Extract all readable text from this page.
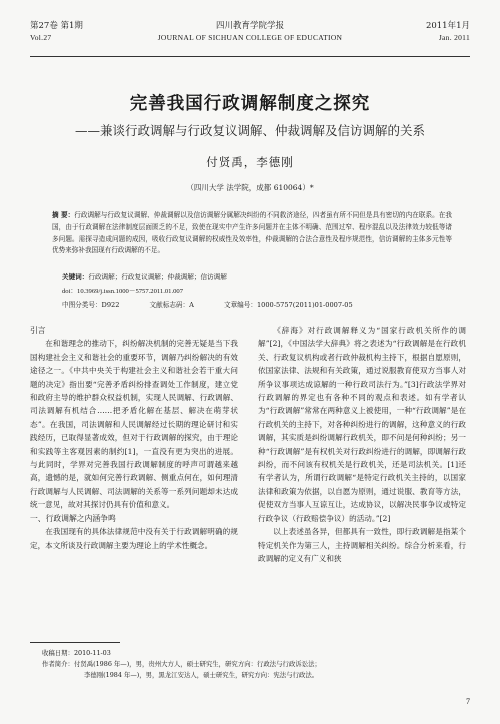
第27卷 第1期
Vol.27
四川教育学院学报
JOURNAL OF SICHUAN COLLEGE OF EDUCATION
2011年1月
Jan. 2011
完善我国行政调解制度之探究
——兼谈行政调解与行政复议调解、仲裁调解及信访调解的关系
付贤禹，李德刚
（四川大学 法学院，成都 610064）*
摘 要：行政调解与行政复议调解、仲裁调解以及信访调解分属解决纠纷的不同救济途径，四者虽有所不同但是具有密切的内在联系。在我国，由于行政调解在法律制度层面匮乏的不足，致使在现实中产生许多问题并在主体不明确、范围过窄、程序混乱以及法律效力较低等诸多问题。需探寻造成问题的成因，吸收行政复议调解的权威性及效率性，仲裁调解的合法合意性及程序规范性，信访调解的主体多元性等优势来弥补我国现有行政调解的不足。
关键词：行政调解；行政复议调解；仲裁调解；信访调解
doi：10.3969/j.issn.1000－5757.2011.01.007
中图分类号：D922	文献标志码：A	文章编号：1000-5757(2011)01-0007-05
引言

在和谐理念的推动下，纠纷解决机制的完善无疑是当下我国构建社会主义和谐社会的重要环节，调解乃纠纷解决的有效途径之一。《中共中央关于构建社会主义和谐社会若干重大问题的决定》指出要“完善矛盾纠纷排查调处工作制度，建立党和政府主导的维护群众权益机制，实现人民调解、行政调解、司法调解有机结合……把矛盾化解在基层、解决在萌芽状态”。在我国，司法调解和人民调解经过长期的理论研讨和实践经历，已取得显著成效，但对于行政调解的探究，由于理论和实践等主客观因素的制约[1]，一直没有更为突出的进展。与此同时，学界对完善我国行政调解制度的呼声可谓越来越高，遗憾的是，就如何完善行政调解、侧重点何在，如何理清行政调解与人民调解、司法调解的关系等一系列问题却未达成统一意见，故对其探讨仍具有价值和意义。

一、行政调解之内涵争鸣

在我国现有的具体法律规范中没有关于行政调解明确的规定，本文所谈及行政调解主要为理论上的学术性概念。

《辞海》对行政调解释义为“国家行政机关所作的调解”[2]，《中国法学大辞典》将之表述为“行政调解是在行政机关、行政复议机构或者行政仲裁机构主持下，根据自愿原则，依国家法律、法规和有关政策，通过说服教育使双方当事人对所争议事项达成谅解的一种行政司法行为。”[3]行政法学界对行政调解的界定也有各种不同的观点和表述。如有学者认为“行政调解”常常在两种意义上被使用，一种“行政调解”是在行政机关的主持下，对各种纠纷进行的调解，这种意义的行政调解，其实质是纠纷调解行政机关，即不问是何种纠纷；另一种“行政调解”是有权机关对行政纠纷进行的调解，即调解行政纠纷，而不问该有权机关是行政机关，还是司法机关。[1]还有学者认为，所谓行政调解“是特定行政机关主持的，以国家法律和政策为依据，以自愿为原则，通过说服、教育等方法，促使双方当事人互谅互让，达成协议，以解决民事争议或特定行政争议（行政赔偿争议）的活动。”[2]

以上表述虽各异，但都具有一致性，即行政调解是指某个特定机关作为第三人，主持调解相关纠纷。综合分析来看，行政调解的定义有广义和狭

收稿日期：2010-11-03
作者简介：付贤禹(1986 年—)，男，贵州大方人，硕士研究生，研究方向：行政法与行政诉讼法；
李德刚(1984 年—)，男，黑龙江安达人，硕士研究生，研究方向：宪法与行政法。
7
